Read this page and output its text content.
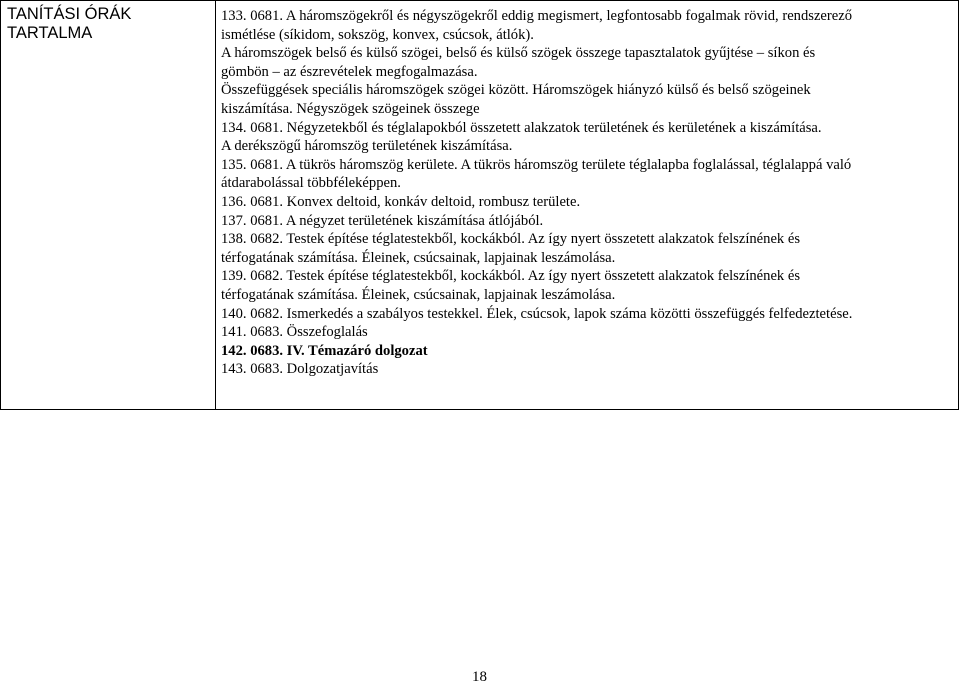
TANÍTÁSI ÓRÁK
TARTALMA
133. 0681. A háromszögekről és négyszögekről eddig megismert, legfontosabb fogalmak rövid, rendszerező
ismétlése (síkidom, sokszög, konvex, csúcsok, átlók).
A háromszögek belső és külső szögei, belső és külső szögek összege tapasztalatok gyűjtése – síkon és
gömbön – az észrevételek megfogalmazása.
Összefüggések speciális háromszögek szögei között. Háromszögek hiányzó külső és belső szögeinek
kiszámítása. Négyszögek szögeinek összege
134. 0681. Négyzetekből és téglalapokból összetett alakzatok területének és kerületének a kiszámítása.
A derékszögű háromszög területének kiszámítása.
135. 0681. A tükrös háromszög kerülete. A tükrös háromszög területe téglalapba foglalással, téglalappá való
átdarabolással többféleképpen.
136. 0681. Konvex deltoid, konkáv deltoid, rombusz területe.
137. 0681. A négyzet területének kiszámítása átlójából.
138. 0682. Testek építése téglatestekből, kockákból. Az így nyert összetett alakzatok felszínének és
térfogatának számítása. Éleinek, csúcsainak, lapjainak leszámolása.
139. 0682. Testek építése téglatestekből, kockákból. Az így nyert összetett alakzatok felszínének és
térfogatának számítása. Éleinek, csúcsainak, lapjainak leszámolása.
140. 0682. Ismerkedés a szabályos testekkel. Élek, csúcsok, lapok száma közötti összefüggés felfedeztetése.
141. 0683. Összefoglalás
142. 0683. IV. Témazáró dolgozat
143. 0683. Dolgozatjavítás
18
